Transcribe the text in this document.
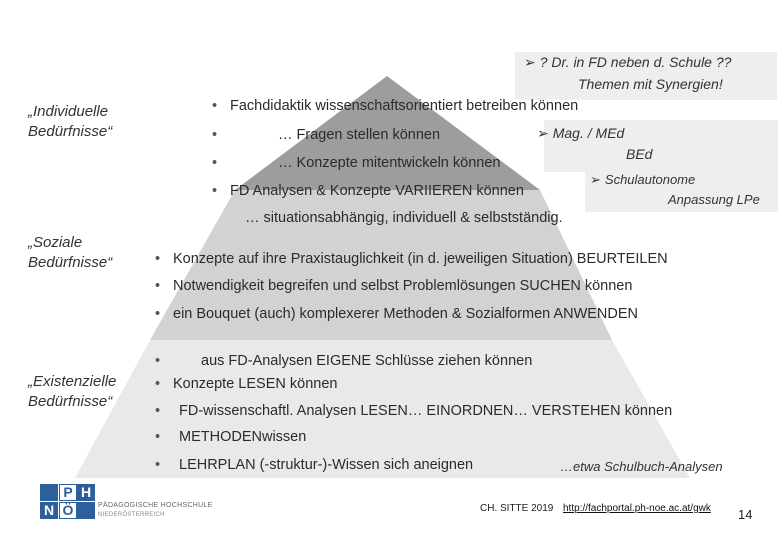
„Individuelle
Bedürfnisse“
„Soziale
Bedürfnisse“
„Existenzielle
Bedürfnisse“
➢ ? Dr. in FD neben d. Schule ??
Themen mit Synergien!
➢ Mag. / MEd
BEd
➢ Schulautonome
Anpassung LPe
• Fachdidaktik wissenschaftsorientiert betreiben können
•	… Fragen stellen können
•	… Konzepte mitentwickeln können
• FD Analysen & Konzepte VARIIEREN können
… situationsabhängig, individuell & selbstständig.
• Konzepte auf ihre Praxistauglichkeit (in d. jeweiligen Situation) BEURTEILEN
• Notwendigkeit begreifen und selbst Problemlösungen SUCHEN können
• ein Bouquet (auch) komplexerer Methoden & Sozialformen ANWENDEN
•	aus FD-Analysen EIGENE Schlüsse ziehen können
• Konzepte LESEN können
• FD-wissenschaftl. Analysen LESEN… EINORDNEN… VERSTEHEN können
• METHODENwissen
• LEHRPLAN (-struktur-)-Wissen sich aneignen	…etwa Schulbuch-Analysen
P H
N Ö	PÄDAGOGISCHE HOCHSCHULE
NIEDERÖSTERREICH
CH. SITTE 2019 http://fachportal.ph-noe.ac.at/gwk 14
